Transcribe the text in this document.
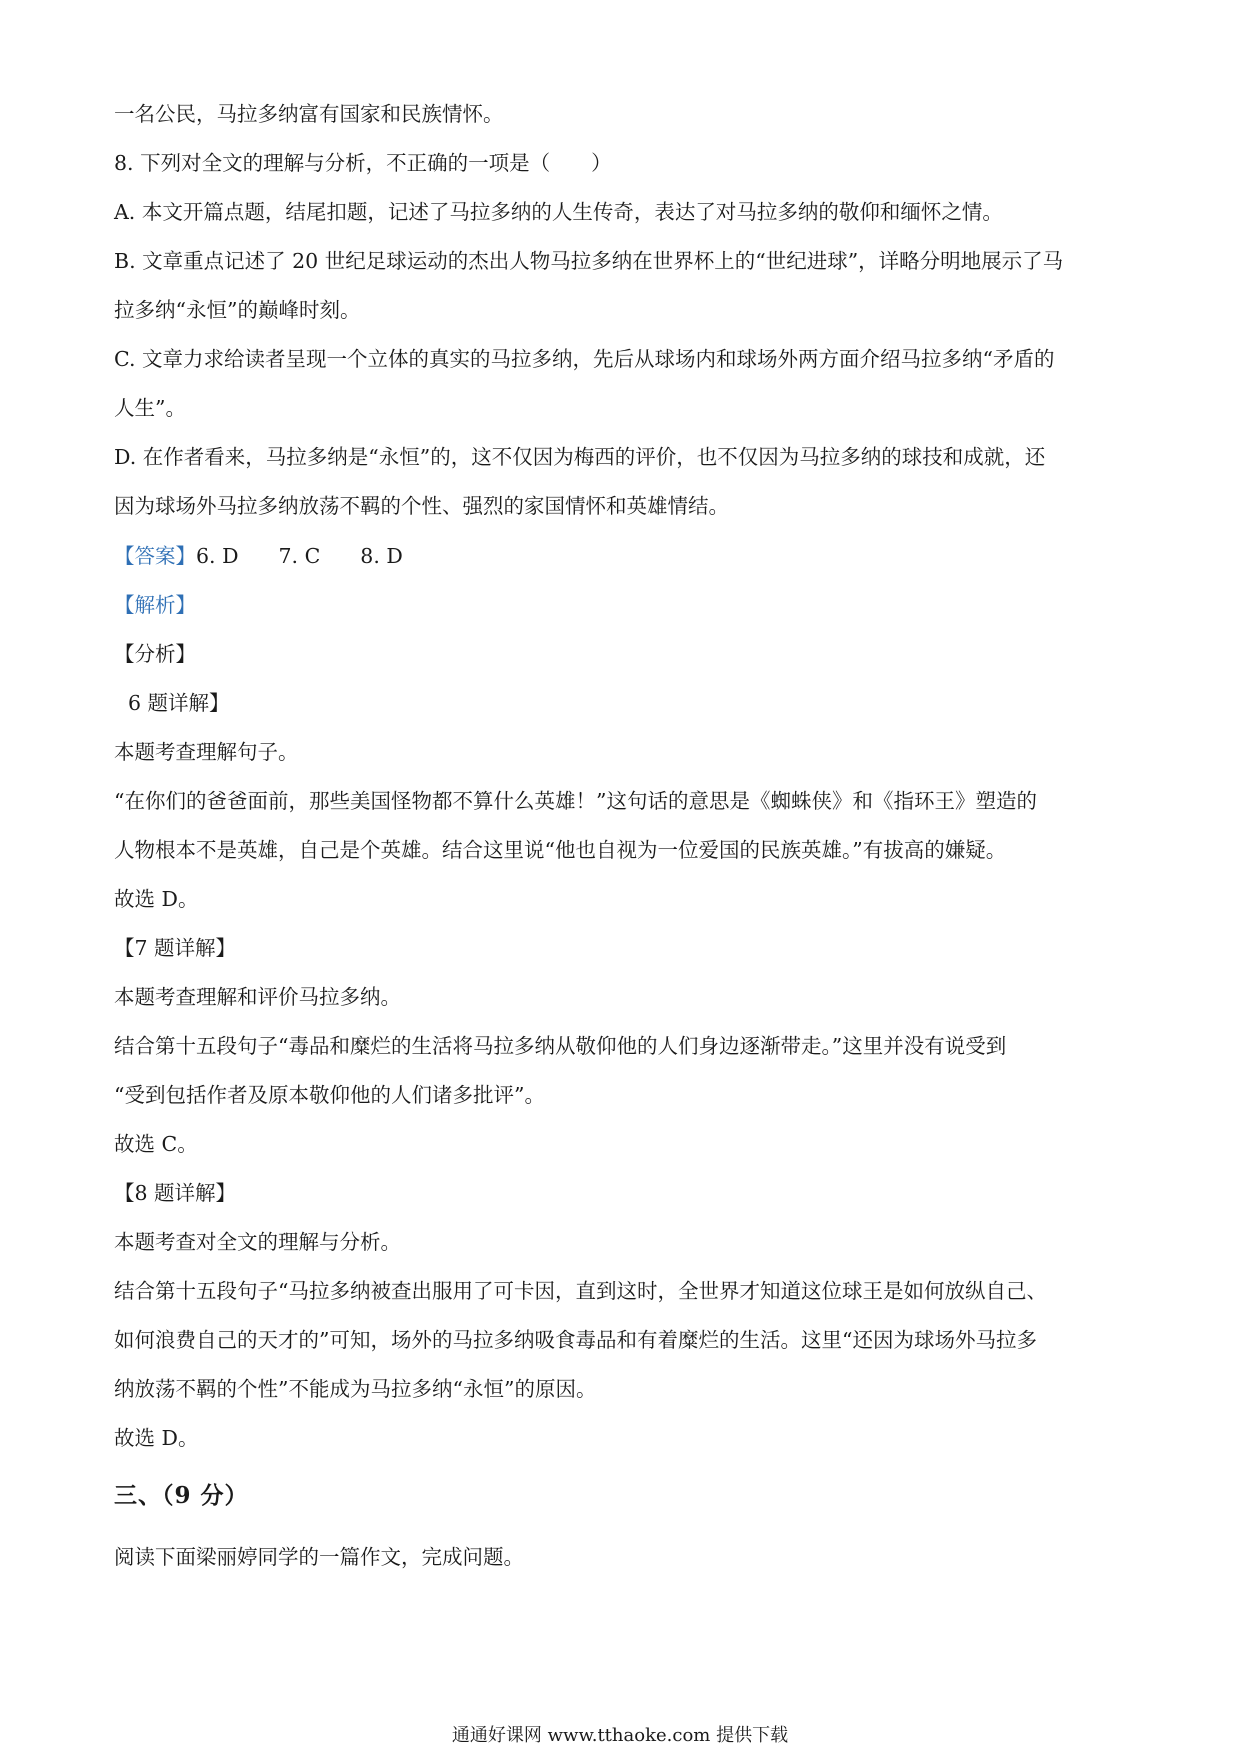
一名公民，马拉多纳富有国家和民族情怀。
8. 下列对全文的理解与分析，不正确的一项是（　　）
A. 本文开篇点题，结尾扣题，记述了马拉多纳的人生传奇，表达了对马拉多纳的敬仰和缅怀之情。
B. 文章重点记述了 20 世纪足球运动的杰出人物马拉多纳在世界杯上的“世纪进球”，详略分明地展示了马
拉多纳“永恒”的巅峰时刻。
C. 文章力求给读者呈现一个立体的真实的马拉多纳，先后从球场内和球场外两方面介绍马拉多纳“矛盾的
人生”。
D. 在作者看来，马拉多纳是“永恒”的，这不仅因为梅西的评价，也不仅因为马拉多纳的球技和成就，还
因为球场外马拉多纳放荡不羁的个性、强烈的家国情怀和英雄情结。
【答案】6. D 7. C 8. D
【解析】
【分析】
6 题详解】
本题考查理解句子。
“在你们的爸爸面前，那些美国怪物都不算什么英雄！”这句话的意思是《蜘蛛侠》和《指环王》塑造的
人物根本不是英雄，自己是个英雄。结合这里说“他也自视为一位爱国的民族英雄。”有拔高的嫌疑。
故选 D。
【7 题详解】
本题考查理解和评价马拉多纳。
结合第十五段句子“毒品和糜烂的生活将马拉多纳从敬仰他的人们身边逐渐带走。”这里并没有说受到
“受到包括作者及原本敬仰他的人们诸多批评”。
故选 C。
【8 题详解】
本题考查对全文的理解与分析。
结合第十五段句子“马拉多纳被查出服用了可卡因，直到这时，全世界才知道这位球王是如何放纵自己、
如何浪费自己的天才的”可知，场外的马拉多纳吸食毒品和有着糜烂的生活。这里“还因为球场外马拉多
纳放荡不羁的个性”不能成为马拉多纳“永恒”的原因。
故选 D。
三、（9 分）
阅读下面梁丽婷同学的一篇作文，完成问题。
通通好课网 www.tthaoke.com 提供下载
